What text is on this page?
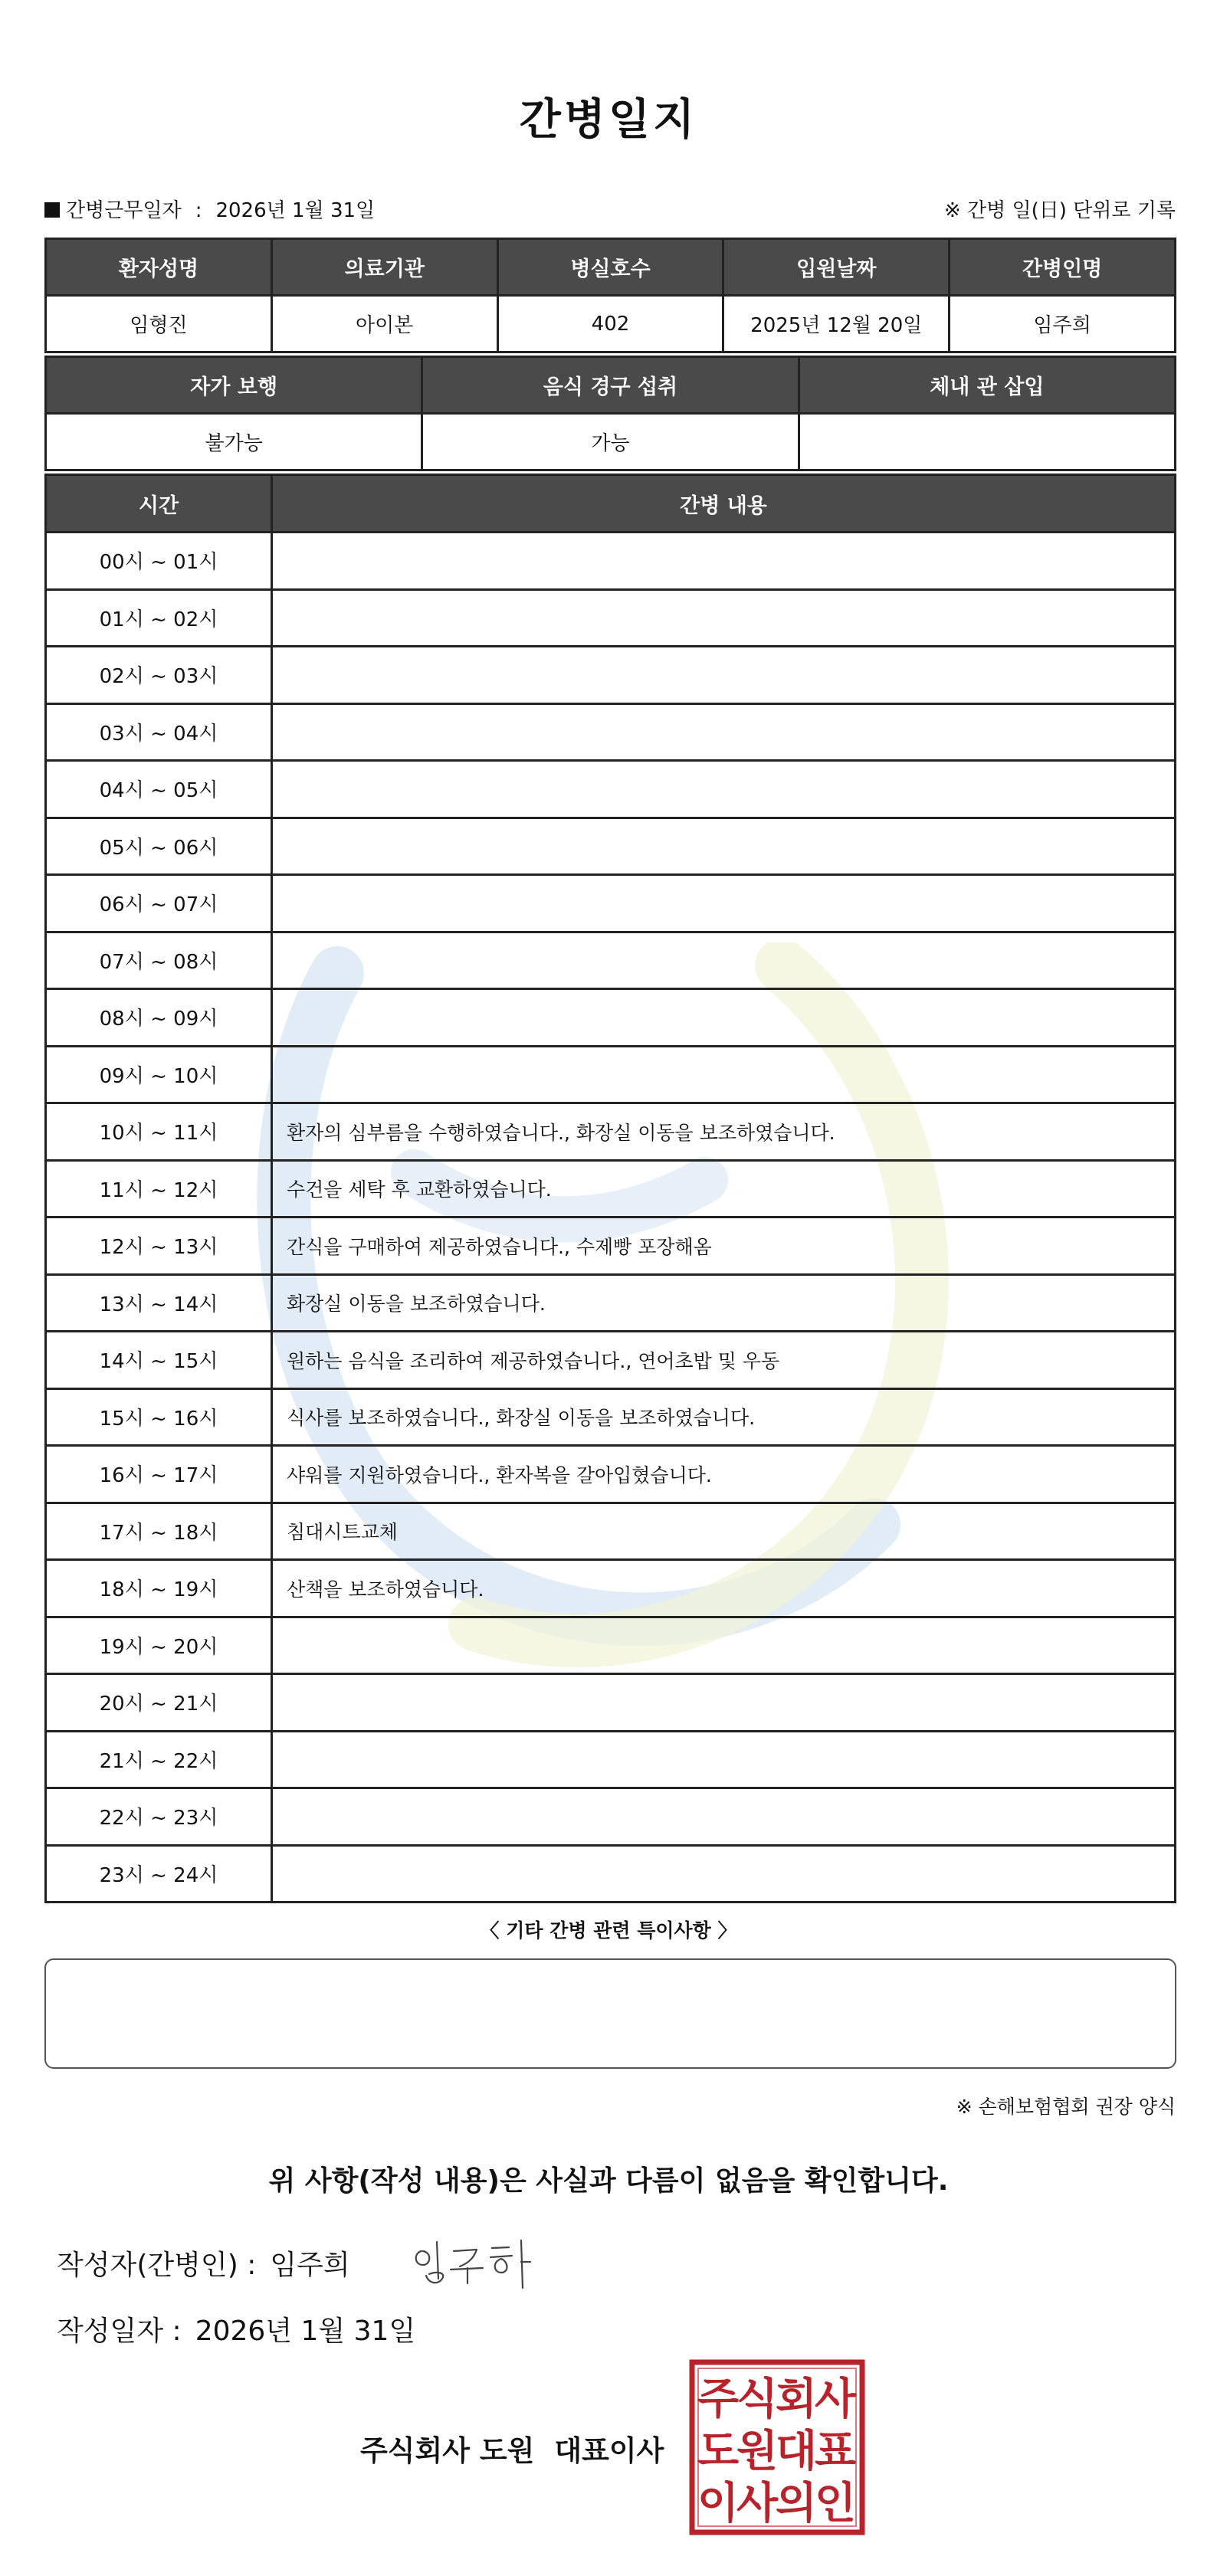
간병일지
간병근무일자 : 2026년 1월 31일	※ 간병 일(日) 단위로 기록
환자성명	의료기관	병실호수	입원날짜	간병인명
임형진	아이본	402	2025년 12월 20일	임주희
자가 보행	음식 경구 섭취	체내 관 삽입
불가능	가능	
시간	간병 내용
00시 ~ 01시	
01시 ~ 02시	
02시 ~ 03시	
03시 ~ 04시	
04시 ~ 05시	
05시 ~ 06시	
06시 ~ 07시	
07시 ~ 08시	
08시 ~ 09시	
09시 ~ 10시	
10시 ~ 11시	환자의 심부름을 수행하였습니다., 화장실 이동을 보조하였습니다.
11시 ~ 12시	수건을 세탁 후 교환하였습니다.
12시 ~ 13시	간식을 구매하여 제공하였습니다., 수제빵 포장해옴
13시 ~ 14시	화장실 이동을 보조하였습니다.
14시 ~ 15시	원하는 음식을 조리하여 제공하였습니다., 연어초밥 및 우동
15시 ~ 16시	식사를 보조하였습니다., 화장실 이동을 보조하였습니다.
16시 ~ 17시	샤워를 지원하였습니다., 환자복을 갈아입혔습니다.
17시 ~ 18시	침대시트교체
18시 ~ 19시	산책을 보조하였습니다.
19시 ~ 20시	
20시 ~ 21시	
21시 ~ 22시	
22시 ~ 23시	
23시 ~ 24시	
〈 기타 간병 관련 특이사항 〉
※ 손해보험협회 권장 양식
위 사항(작성 내용)은 사실과 다름이 없음을 확인합니다.
작성자(간병인) : 임주희
작성일자 : 2026년 1월 31일
주식회사 도원 대표이사
주
식
회
사
도
원
대
표
이
사
의
인
